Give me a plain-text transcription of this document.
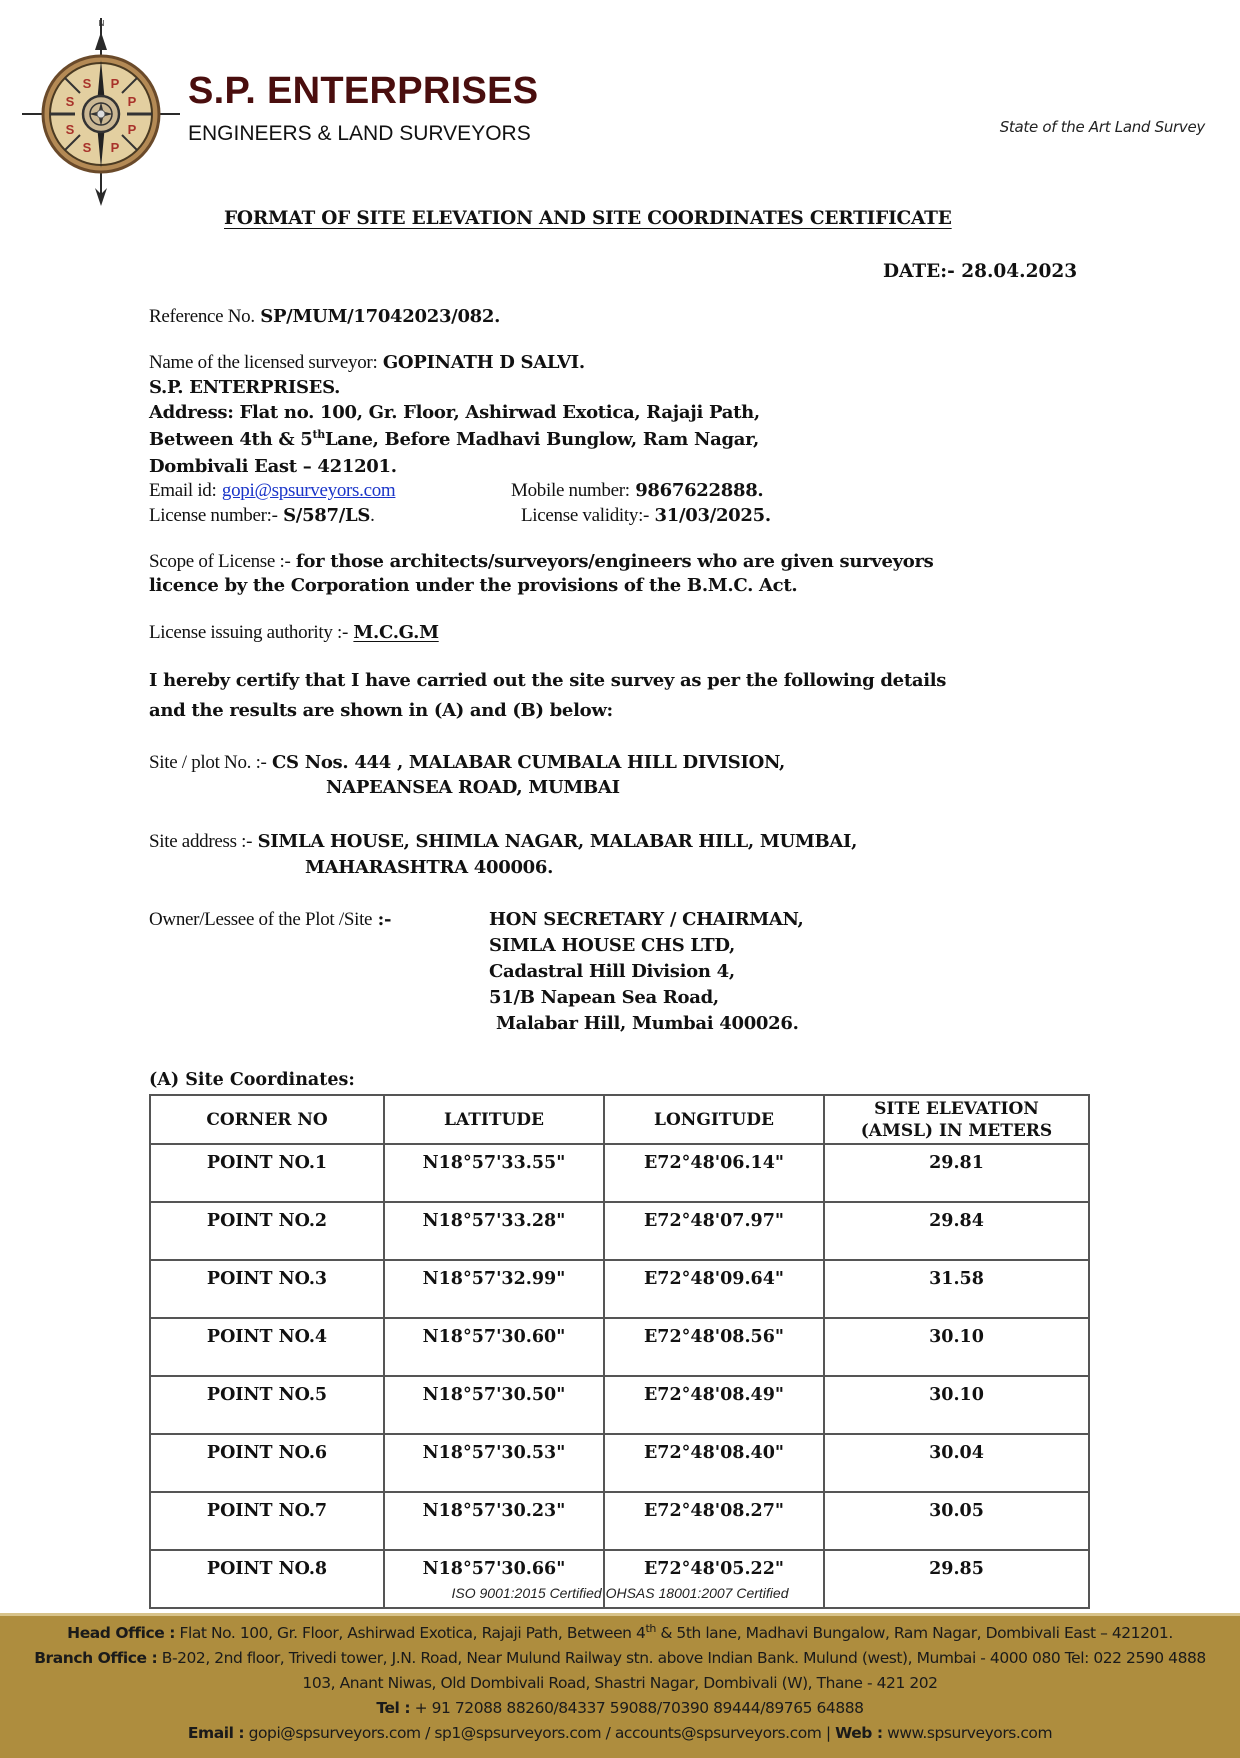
N
S P
S	P
S	P
S P
S.P. ENTERPRISES
ENGINEERS & LAND SURVEYORS	State of the Art Land Survey
FORMAT OF SITE ELEVATION AND SITE COORDINATES CERTIFICATE
DATE:- 28.04.2023
Reference No. SP/MUM/17042023/082.
Name of the licensed surveyor: GOPINATH D SALVI.
S.P. ENTERPRISES.
Address: Flat no. 100, Gr. Floor, Ashirwad Exotica, Rajaji Path,
Between 4th & 5thLane, Before Madhavi Bunglow, Ram Nagar,
Dombivali East – 421201.
Email id: gopi@spsurveyors.com	Mobile number: 9867622888.
License number:- S/587/LS.	License validity:- 31/03/2025.
Scope of License :- for those architects/surveyors/engineers who are given surveyors
licence by the Corporation under the provisions of the B.M.C. Act.
License issuing authority :- M.C.G.M
I hereby certify that I have carried out the site survey as per the following details
and the results are shown in (A) and (B) below:
Site / plot No. :- CS Nos. 444 , MALABAR CUMBALA HILL DIVISION,
NAPEANSEA ROAD, MUMBAI
Site address :- SIMLA HOUSE, SHIMLA NAGAR, MALABAR HILL, MUMBAI,
MAHARASHTRA 400006.
Owner/Lessee of the Plot /Site :-	HON SECRETARY / CHAIRMAN,
SIMLA HOUSE CHS LTD,
Cadastral Hill Division 4,
51/B Napean Sea Road,
Malabar Hill, Mumbai 400026.
(A) Site Coordinates:
CORNER NO	LATITUDE	LONGITUDE	SITE ELEVATION
(AMSL) IN METERS

POINT NO.1	N18°57'33.55"	E72°48'06.14"	29.81
POINT NO.2	N18°57'33.28"	E72°48'07.97"	29.84
POINT NO.3	N18°57'32.99"	E72°48'09.64"	31.58
POINT NO.4	N18°57'30.60"	E72°48'08.56"	30.10
POINT NO.5	N18°57'30.50"	E72°48'08.49"	30.10
POINT NO.6	N18°57'30.53"	E72°48'08.40"	30.04
POINT NO.7	N18°57'30.23"	E72°48'08.27"	30.05
POINT NO.8	N18°57'30.66"	E72°48'05.22"	29.85
ISO 9001:2015 Certified OHSAS 18001:2007 Certified
Head Office : Flat No. 100, Gr. Floor, Ashirwad Exotica, Rajaji Path, Between 4th & 5th lane, Madhavi Bungalow, Ram Nagar, Dombivali East – 421201.
Branch Office : B-202, 2nd floor, Trivedi tower, J.N. Road, Near Mulund Railway stn. above Indian Bank. Mulund (west), Mumbai - 4000 080 Tel: 022 2590 4888
103, Anant Niwas, Old Dombivali Road, Shastri Nagar, Dombivali (W), Thane - 421 202
Tel : + 91 72088 88260/84337 59088/70390 89444/89765 64888
Email : gopi@spsurveyors.com / sp1@spsurveyors.com / accounts@spsurveyors.com | Web : www.spsurveyors.com
